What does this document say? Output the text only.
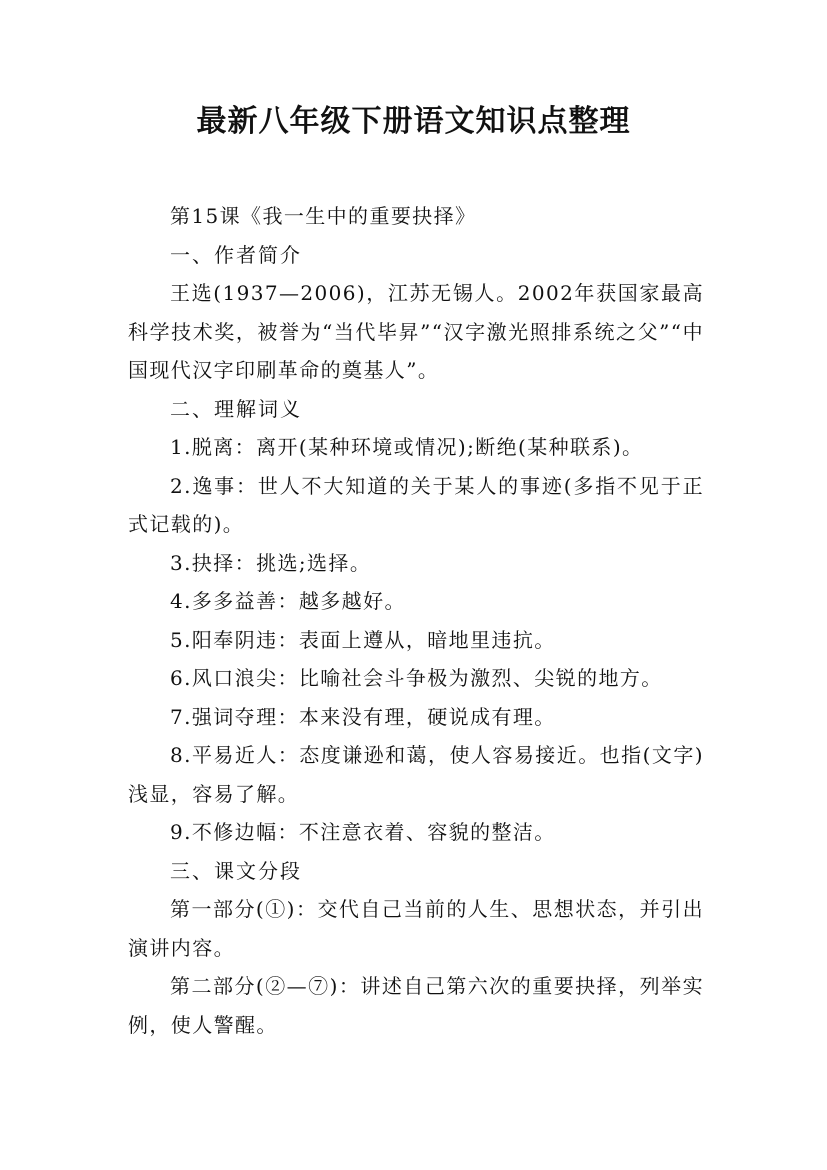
最新八年级下册语文知识点整理

第15课《我一生中的重要抉择》

一、作者简介

王选(1937—2006)，江苏无锡人。2002年获国家最高科学技术奖，被誉为“当代毕昇”“汉字激光照排系统之父”“中国现代汉字印刷革命的奠基人”。

二、理解词义

1.脱离：离开(某种环境或情况);断绝(某种联系)。

2.逸事：世人不大知道的关于某人的事迹(多指不见于正式记载的)。

3.抉择：挑选;选择。

4.多多益善：越多越好。

5.阳奉阴违：表面上遵从，暗地里违抗。

6.风口浪尖：比喻社会斗争极为激烈、尖锐的地方。

7.强词夺理：本来没有理，硬说成有理。

8.平易近人：态度谦逊和蔼，使人容易接近。也指(文字)浅显，容易了解。

9.不修边幅：不注意衣着、容貌的整洁。

三、课文分段

第一部分(①)：交代自己当前的人生、思想状态，并引出演讲内容。

第二部分(②—⑦)：讲述自己第六次的重要抉择，列举实例，使人警醒。
